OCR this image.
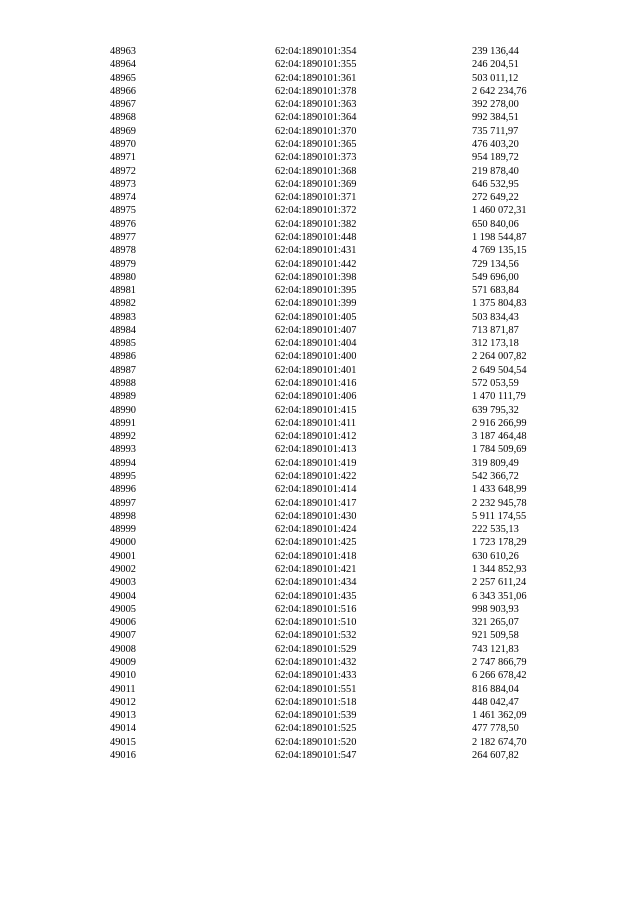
48963	62:04:1890101:354	239 136,44
48964	62:04:1890101:355	246 204,51
48965	62:04:1890101:361	503 011,12
48966	62:04:1890101:378	2 642 234,76
48967	62:04:1890101:363	392 278,00
48968	62:04:1890101:364	992 384,51
48969	62:04:1890101:370	735 711,97
48970	62:04:1890101:365	476 403,20
48971	62:04:1890101:373	954 189,72
48972	62:04:1890101:368	219 878,40
48973	62:04:1890101:369	646 532,95
48974	62:04:1890101:371	272 649,22
48975	62:04:1890101:372	1 460 072,31
48976	62:04:1890101:382	650 840,06
48977	62:04:1890101:448	1 198 544,87
48978	62:04:1890101:431	4 769 135,15
48979	62:04:1890101:442	729 134,56
48980	62:04:1890101:398	549 696,00
48981	62:04:1890101:395	571 683,84
48982	62:04:1890101:399	1 375 804,83
48983	62:04:1890101:405	503 834,43
48984	62:04:1890101:407	713 871,87
48985	62:04:1890101:404	312 173,18
48986	62:04:1890101:400	2 264 007,82
48987	62:04:1890101:401	2 649 504,54
48988	62:04:1890101:416	572 053,59
48989	62:04:1890101:406	1 470 111,79
48990	62:04:1890101:415	639 795,32
48991	62:04:1890101:411	2 916 266,99
48992	62:04:1890101:412	3 187 464,48
48993	62:04:1890101:413	1 784 509,69
48994	62:04:1890101:419	319 809,49
48995	62:04:1890101:422	542 366,72
48996	62:04:1890101:414	1 433 648,99
48997	62:04:1890101:417	2 232 945,78
48998	62:04:1890101:430	5 911 174,55
48999	62:04:1890101:424	222 535,13
49000	62:04:1890101:425	1 723 178,29
49001	62:04:1890101:418	630 610,26
49002	62:04:1890101:421	1 344 852,93
49003	62:04:1890101:434	2 257 611,24
49004	62:04:1890101:435	6 343 351,06
49005	62:04:1890101:516	998 903,93
49006	62:04:1890101:510	321 265,07
49007	62:04:1890101:532	921 509,58
49008	62:04:1890101:529	743 121,83
49009	62:04:1890101:432	2 747 866,79
49010	62:04:1890101:433	6 266 678,42
49011	62:04:1890101:551	816 884,04
49012	62:04:1890101:518	448 042,47
49013	62:04:1890101:539	1 461 362,09
49014	62:04:1890101:525	477 778,50
49015	62:04:1890101:520	2 182 674,70
49016	62:04:1890101:547	264 607,82
